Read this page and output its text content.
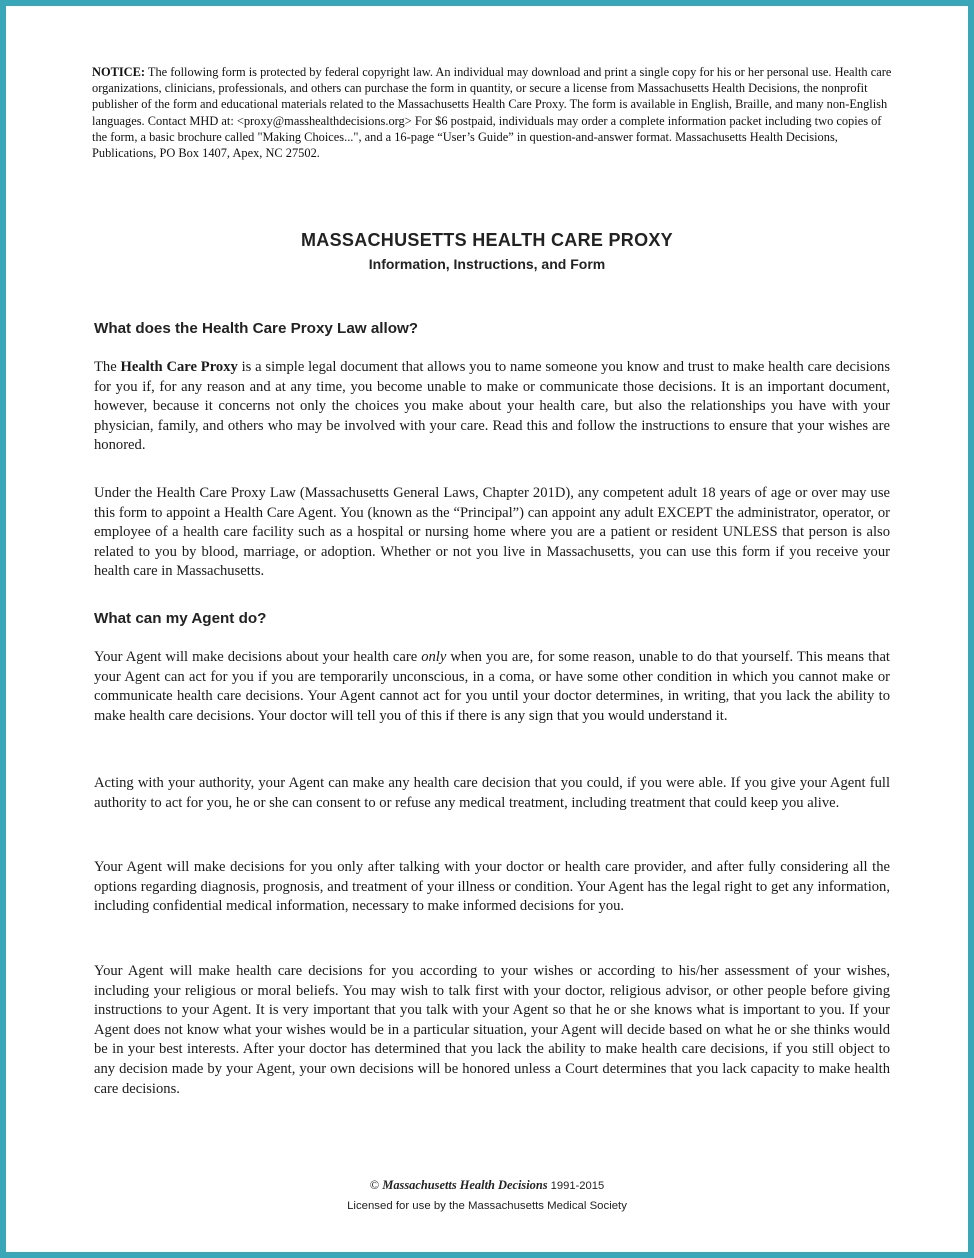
NOTICE: The following form is protected by federal copyright law. An individual may download and print a single copy for his or her personal use. Health care organizations, clinicians, professionals, and others can purchase the form in quantity, or secure a license from Massachusetts Health Decisions, the nonprofit publisher of the form and educational materials related to the Massachusetts Health Care Proxy. The form is available in English, Braille, and many non-English languages. Contact MHD at: <proxy@masshealthdecisions.org> For $6 postpaid, individuals may order a complete information packet including two copies of the form, a basic brochure called "Making Choices...", and a 16-page “User’s Guide” in question-and-answer format. Massachusetts Health Decisions, Publications, PO Box 1407, Apex, NC 27502.
MASSACHUSETTS HEALTH CARE PROXY
Information, Instructions, and Form
What does the Health Care Proxy Law allow?
The Health Care Proxy is a simple legal document that allows you to name someone you know and trust to make health care decisions for you if, for any reason and at any time, you become unable to make or communicate those decisions. It is an important document, however, because it concerns not only the choices you make about your health care, but also the relationships you have with your physician, family, and others who may be involved with your care. Read this and follow the instructions to ensure that your wishes are honored.
Under the Health Care Proxy Law (Massachusetts General Laws, Chapter 201D), any competent adult 18 years of age or over may use this form to appoint a Health Care Agent. You (known as the “Principal”) can appoint any adult EXCEPT the administrator, operator, or employee of a health care facility such as a hospital or nursing home where you are a patient or resident UNLESS that person is also related to you by blood, marriage, or adoption. Whether or not you live in Massachusetts, you can use this form if you receive your health care in Massachusetts.
What can my Agent do?
Your Agent will make decisions about your health care only when you are, for some reason, unable to do that yourself. This means that your Agent can act for you if you are temporarily unconscious, in a coma, or have some other condition in which you cannot make or communicate health care decisions. Your Agent cannot act for you until your doctor determines, in writing, that you lack the ability to make health care decisions. Your doctor will tell you of this if there is any sign that you would understand it.
Acting with your authority, your Agent can make any health care decision that you could, if you were able. If you give your Agent full authority to act for you, he or she can consent to or refuse any medical treatment, including treatment that could keep you alive.
Your Agent will make decisions for you only after talking with your doctor or health care provider, and after fully considering all the options regarding diagnosis, prognosis, and treatment of your illness or condition. Your Agent has the legal right to get any information, including confidential medical information, necessary to make informed decisions for you.
Your Agent will make health care decisions for you according to your wishes or according to his/her assessment of your wishes, including your religious or moral beliefs. You may wish to talk first with your doctor, religious advisor, or other people before giving instructions to your Agent. It is very important that you talk with your Agent so that he or she knows what is important to you. If your Agent does not know what your wishes would be in a particular situation, your Agent will decide based on what he or she thinks would be in your best interests. After your doctor has determined that you lack the ability to make health care decisions, if you still object to any decision made by your Agent, your own decisions will be honored unless a Court determines that you lack capacity to make health care decisions.
© Massachusetts Health Decisions 1991-2015
Licensed for use by the Massachusetts Medical Society
